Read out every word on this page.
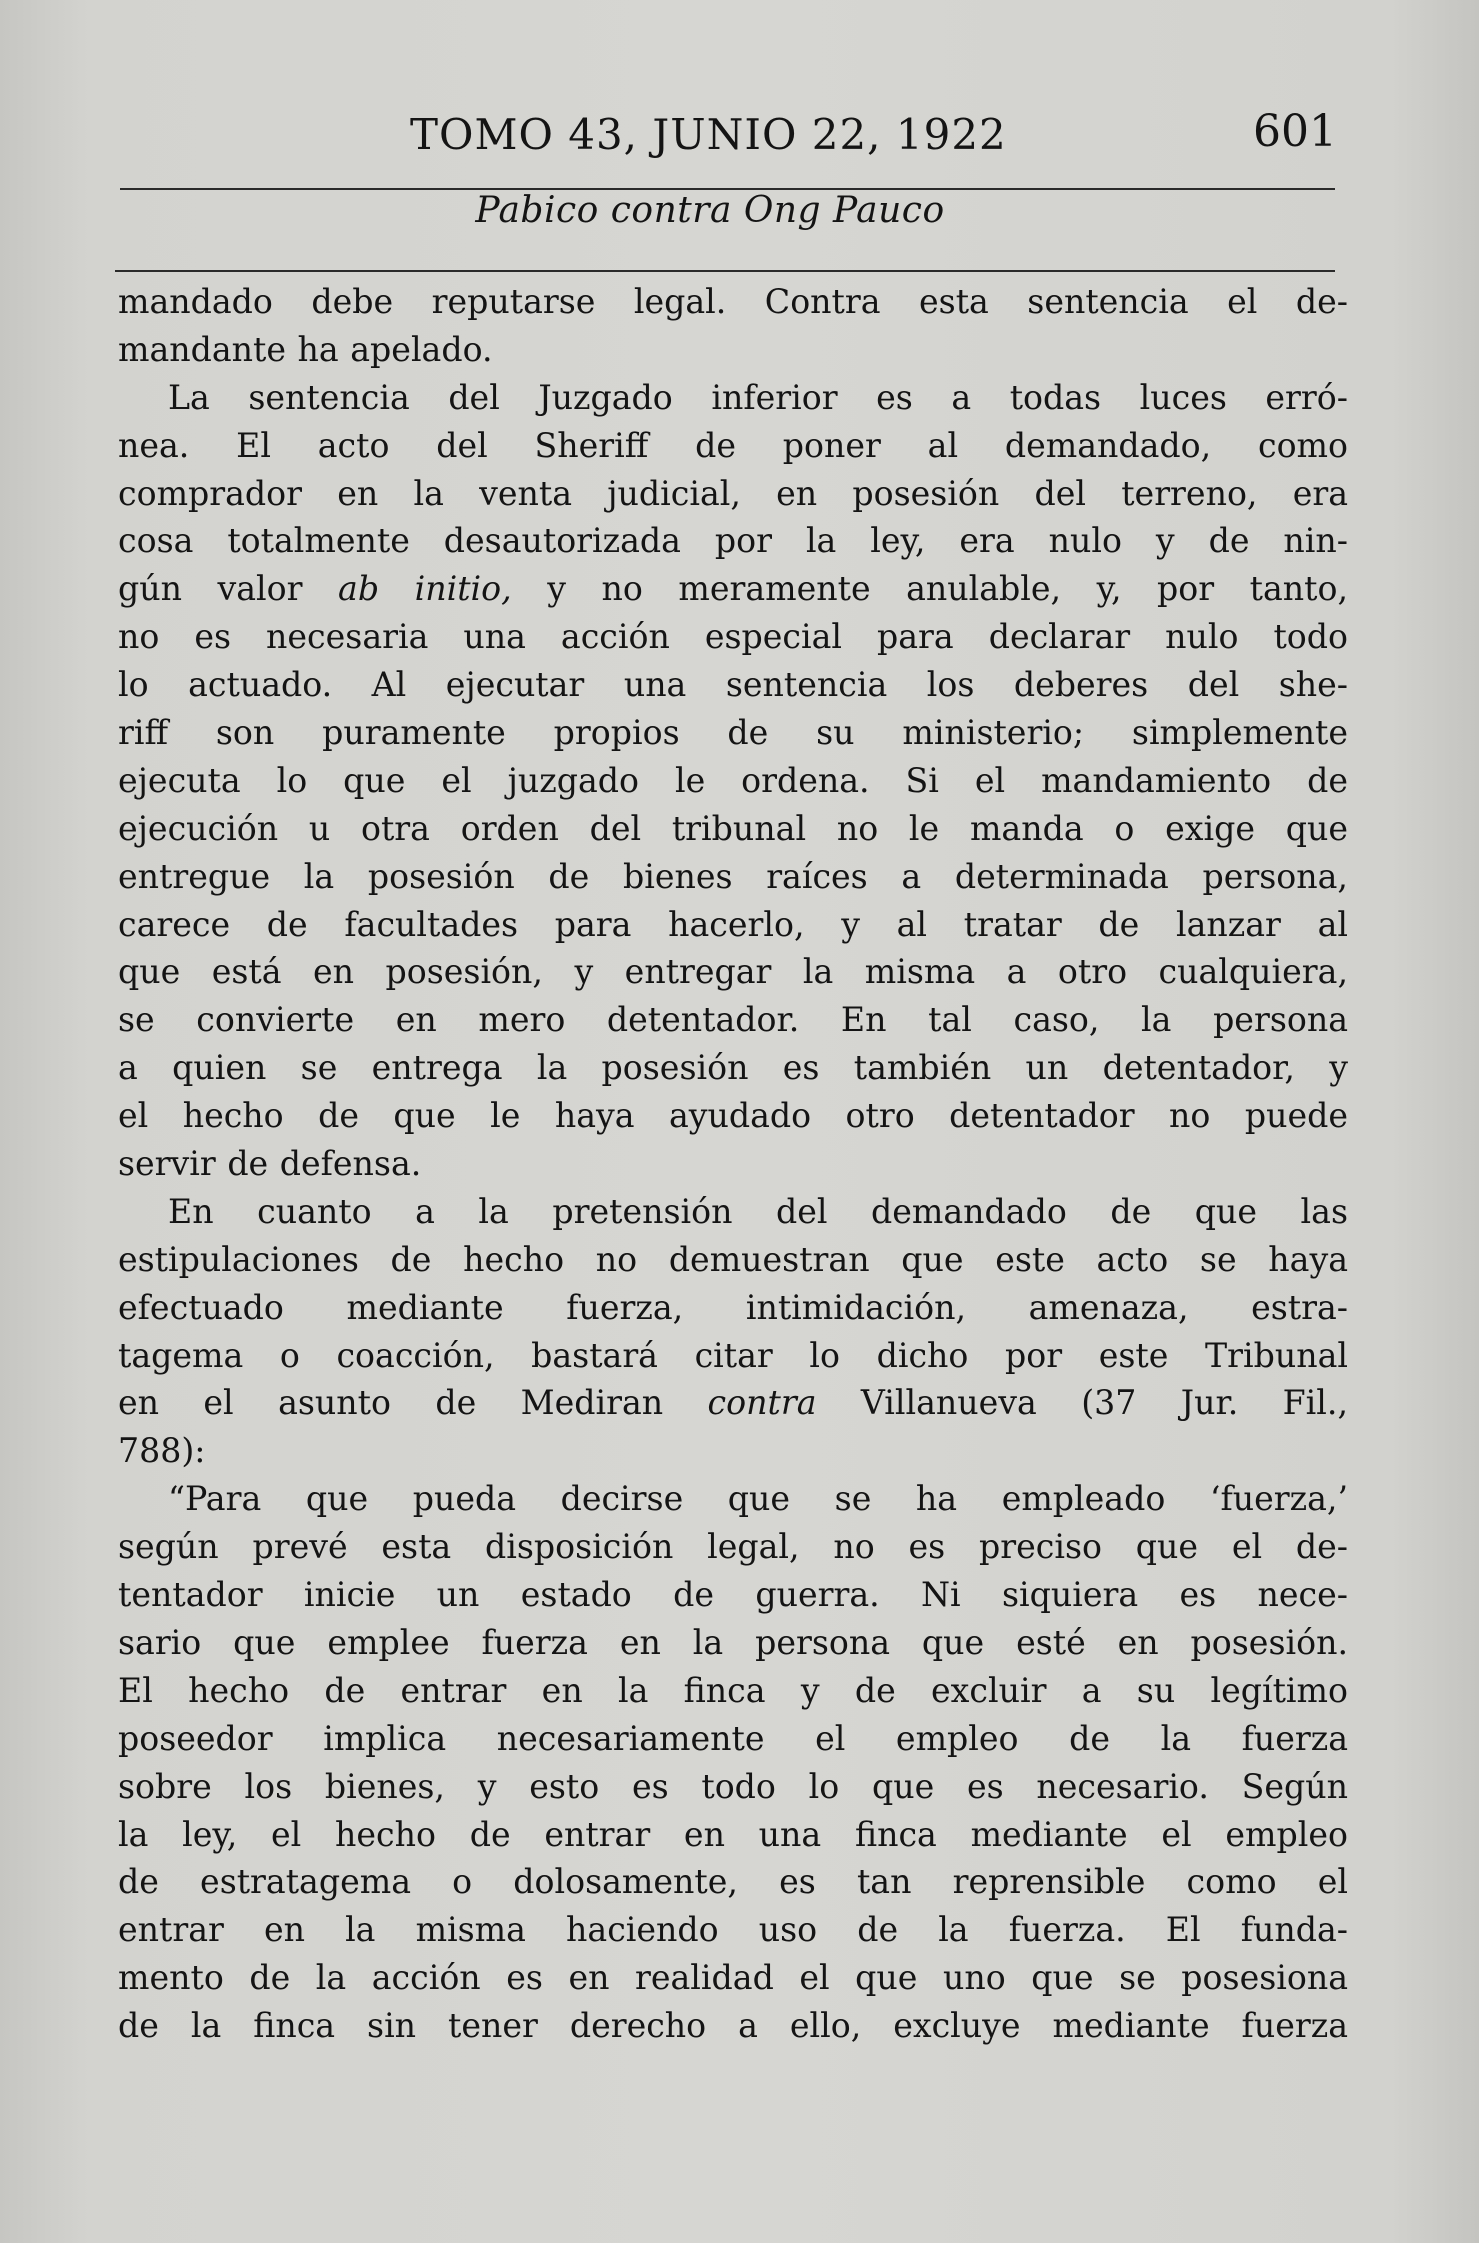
TOMO 43, JUNIO 22, 1922	601
Pabico contra Ong Pauco
mandado debe reputarse legal. Contra esta sentencia el de-
mandante ha apelado.
La sentencia del Juzgado inferior es a todas luces erró-
nea. El acto del Sheriff de poner al demandado, como
comprador en la venta judicial, en posesión del terreno, era
cosa totalmente desautorizada por la ley, era nulo y de nin-
gún valor ab initio, y no meramente anulable, y, por tanto,
no es necesaria una acción especial para declarar nulo todo
lo actuado. Al ejecutar una sentencia los deberes del she-
riff son puramente propios de su ministerio; simplemente
ejecuta lo que el juzgado le ordena. Si el mandamiento de
ejecución u otra orden del tribunal no le manda o exige que
entregue la posesión de bienes raíces a determinada persona,
carece de facultades para hacerlo, y al tratar de lanzar al
que está en posesión, y entregar la misma a otro cualquiera,
se convierte en mero detentador. En tal caso, la persona
a quien se entrega la posesión es también un detentador, y
el hecho de que le haya ayudado otro detentador no puede
servir de defensa.
En cuanto a la pretensión del demandado de que las
estipulaciones de hecho no demuestran que este acto se haya
efectuado mediante fuerza, intimidación, amenaza, estra-
tagema o coacción, bastará citar lo dicho por este Tribunal
en el asunto de Mediran contra Villanueva (37 Jur. Fil.,
788):
“Para que pueda decirse que se ha empleado ‘fuerza,’
según prevé esta disposición legal, no es preciso que el de-
tentador inicie un estado de guerra. Ni siquiera es nece-
sario que emplee fuerza en la persona que esté en posesión.
El hecho de entrar en la finca y de excluir a su legítimo
poseedor implica necesariamente el empleo de la fuerza
sobre los bienes, y esto es todo lo que es necesario. Según
la ley, el hecho de entrar en una finca mediante el empleo
de estratagema o dolosamente, es tan reprensible como el
entrar en la misma haciendo uso de la fuerza. El funda-
mento de la acción es en realidad el que uno que se posesiona
de la finca sin tener derecho a ello, excluye mediante fuerza
